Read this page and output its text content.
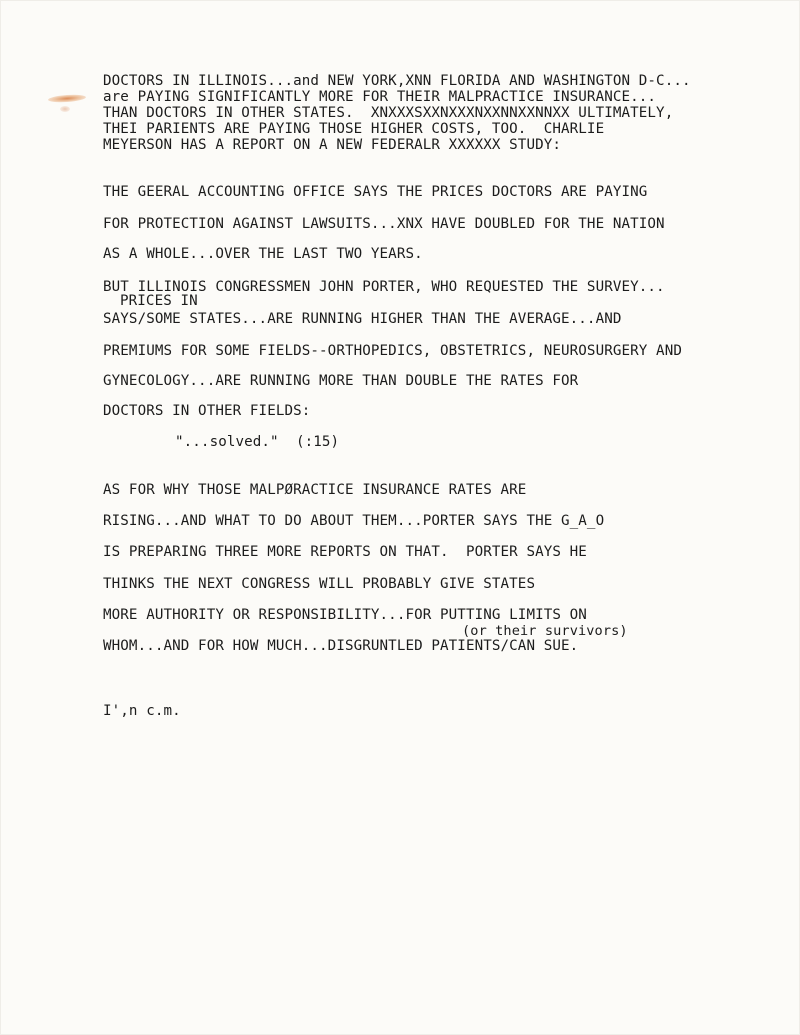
DOCTORS IN ILLINOIS...and NEW YORK,XNN FLORIDA AND WASHINGTON D-C...
are PAYING SIGNIFICANTLY MORE FOR THEIR MALPRACTICE INSURANCE...
THAN DOCTORS IN OTHER STATES.  XNXXXSXXNXXXNXXNNXXNNXX ULTIMATELY,
THEI PARIENTS ARE PAYING THOSE HIGHER COSTS, TOO.  CHARLIE
MEYERSON HAS A REPORT ON A NEW FEDERALR XXXXXX STUDY:
THE GEERAL ACCOUNTING OFFICE SAYS THE PRICES DOCTORS ARE PAYING
FOR PROTECTION AGAINST LAWSUITS...XNX HAVE DOUBLED FOR THE NATION
AS A WHOLE...OVER THE LAST TWO YEARS.
BUT ILLINOIS CONGRESSMEN JOHN PORTER, WHO REQUESTED THE SURVEY...
PRICES IN
SAYS/SOME STATES...ARE RUNNING HIGHER THAN THE AVERAGE...AND
PREMIUMS FOR SOME FIELDS--ORTHOPEDICS, OBSTETRICS, NEUROSURGERY AND
GYNECOLOGY...ARE RUNNING MORE THAN DOUBLE THE RATES FOR
DOCTORS IN OTHER FIELDS:
"...solved."  (:15)
AS FOR WHY THOSE MALPØRACTICE INSURANCE RATES ARE
RISING...AND WHAT TO DO ABOUT THEM...PORTER SAYS THE G_A_O
IS PREPARING THREE MORE REPORTS ON THAT.  PORTER SAYS HE
THINKS THE NEXT CONGRESS WILL PROBABLY GIVE STATES
MORE AUTHORITY OR RESPONSIBILITY...FOR PUTTING LIMITS ON
(or their survivors)
WHOM...AND FOR HOW MUCH...DISGRUNTLED PATIENTS/CAN SUE.
I',n c.m.
